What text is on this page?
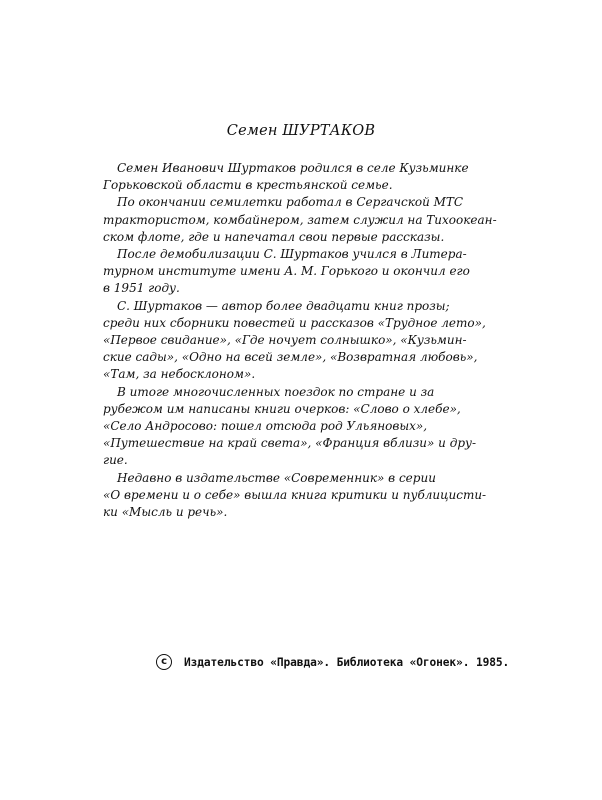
Семен ШУРТАКОВ

Семен Иванович Шуртаков родился в селе Кузьминке
Горьковской области в крестьянской семье.

По окончании семилетки работал в Сергачской МТС
трактористом, комбайнером, затем служил на Тихоокеан-
ском флоте, где и напечатал свои первые рассказы.

После демобилизации С. Шуртаков учился в Литера-
турном институте имени А. М. Горького и окончил его
в 1951 году.

С. Шуртаков — автор более двадцати книг прозы;
среди них сборники повестей и рассказов «Трудное лето»,
«Первое свидание», «Где ночует солнышко», «Кузьмин-
ские сады», «Одно на всей земле», «Возвратная любовь»,
«Там, за небосклоном».

В итоге многочисленных поездок по стране и за
рубежом им написаны книги очерков: «Слово о хлебе»,
«Село Андросово: пошел отсюда род Ульяновых»,
«Путешествие на край света», «Франция вблизи» и дру-
гие.

Недавно в издательстве «Современник» в серии
«О времени и о себе» вышла книга критики и публицисти-
ки «Мысль и речь».

c Издательство «Правда». Библиотека «Огонек». 1985.
